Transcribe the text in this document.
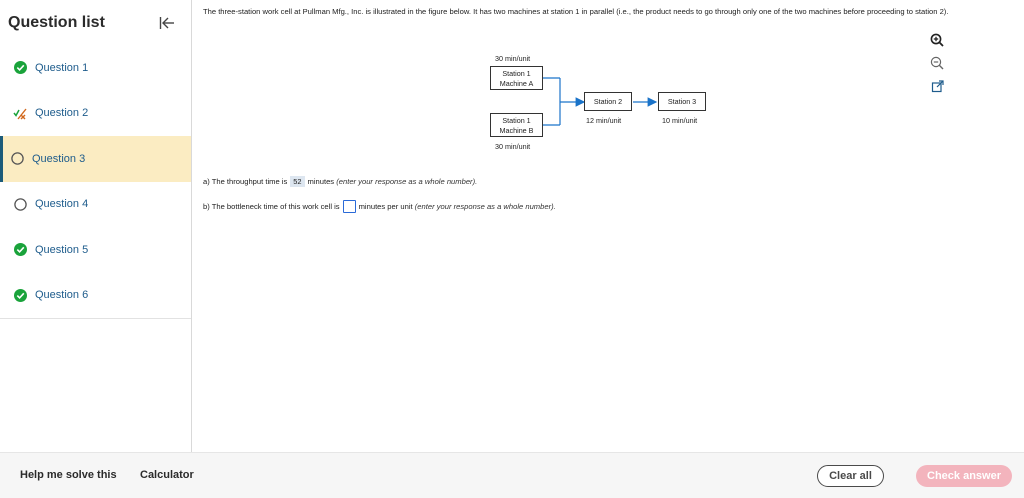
Question list
Question 1
Question 2
Question 3
Question 4
Question 5
Question 6

The three-station work cell at Pullman Mfg., Inc. is illustrated in the figure below. It has two machines at station 1 in parallel (i.e., the product needs to go through only one of the two machines before proceeding to station 2).

30 min/unit
Station 1
Machine A
Station 2
12 min/unit
Station 3
10 min/unit
Station 1
Machine B
30 min/unit
a) The throughput time is 52 minutes
(enter your response as a whole number).
b) The bottleneck time of this work cell is	minutes per unit
(enter your response as a whole number).
Help me solve this Calculator	Clear all	Check answer
